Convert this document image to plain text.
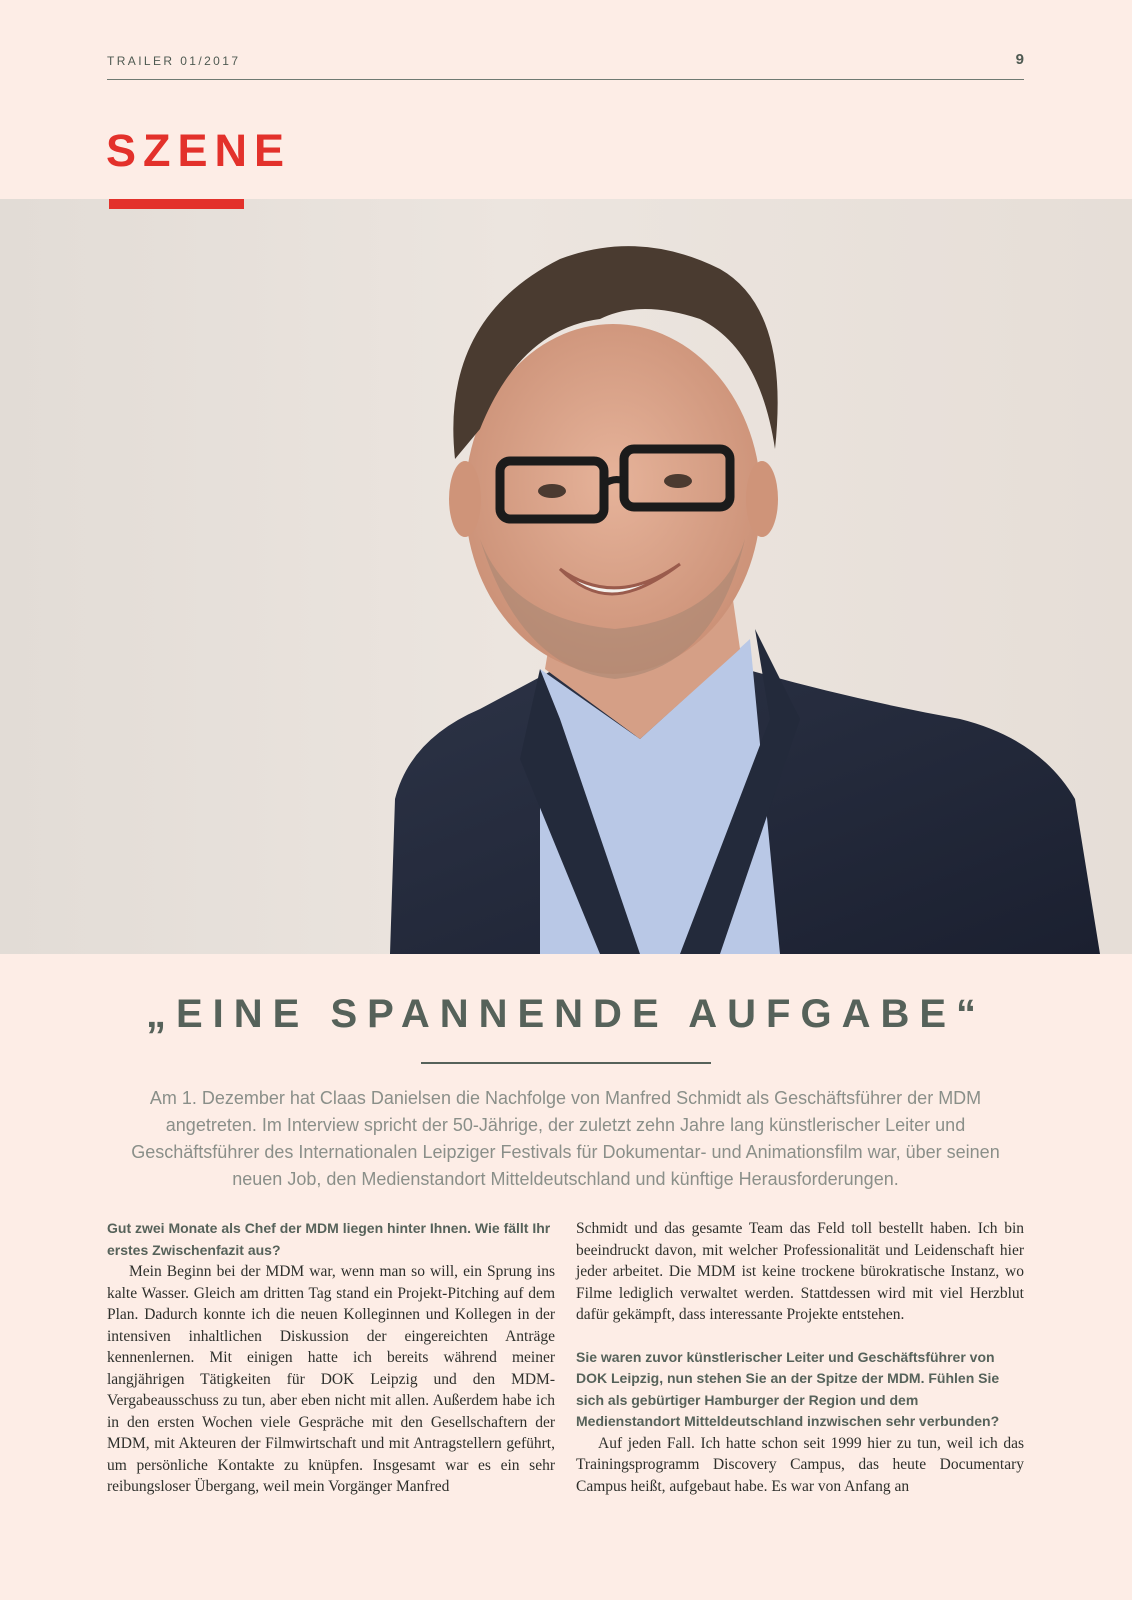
TRAILER 01/2017	9
SZENE
„EINE SPANNENDE AUFGABE“
Am 1. Dezember hat Claas Danielsen die Nachfolge von Manfred Schmidt als Geschäftsführer der MDM angetreten. Im Interview spricht der 50-Jährige, der zuletzt zehn Jahre lang künstlerischer Leiter und Geschäftsführer des Internationalen Leipziger Festivals für Dokumentar- und Animationsfilm war, über seinen neuen Job, den Medienstandort Mitteldeutschland und künftige Herausforderungen.

Gut zwei Monate als Chef der MDM liegen hinter Ihnen. Wie fällt Ihr erstes Zwischenfazit aus?

Mein Beginn bei der MDM war, wenn man so will, ein Sprung ins kalte Wasser. Gleich am dritten Tag stand ein Projekt-Pitching auf dem Plan. Dadurch konnte ich die neuen Kolleginnen und Kollegen in der intensiven inhaltlichen Diskussion der eingereichten Anträge kennenlernen. Mit einigen hatte ich bereits während meiner langjährigen Tätigkeiten für DOK Leipzig und den MDM-Vergabeausschuss zu tun, aber eben nicht mit allen. Außerdem habe ich in den ersten Wochen viele Gespräche mit den Gesellschaftern der MDM, mit Akteuren der Filmwirtschaft und mit Antragstellern geführt, um persönliche Kontakte zu knüpfen. Insgesamt war es ein sehr reibungsloser Übergang, weil mein Vorgänger Manfred

Schmidt und das gesamte Team das Feld toll bestellt haben. Ich bin beeindruckt davon, mit welcher Professionalität und Leidenschaft hier jeder arbeitet. Die MDM ist keine trockene bürokratische Instanz, wo Filme lediglich verwaltet werden. Stattdessen wird mit viel Herzblut dafür gekämpft, dass interessante Projekte entstehen.

Sie waren zuvor künstlerischer Leiter und Geschäftsführer von DOK Leipzig, nun stehen Sie an der Spitze der MDM. Fühlen Sie sich als gebürtiger Hamburger der Region und dem Medienstandort Mitteldeutschland inzwischen sehr verbunden?

Auf jeden Fall. Ich hatte schon seit 1999 hier zu tun, weil ich das Trainingsprogramm Discovery Campus, das heute Documentary Campus heißt, aufgebaut habe. Es war von Anfang an
